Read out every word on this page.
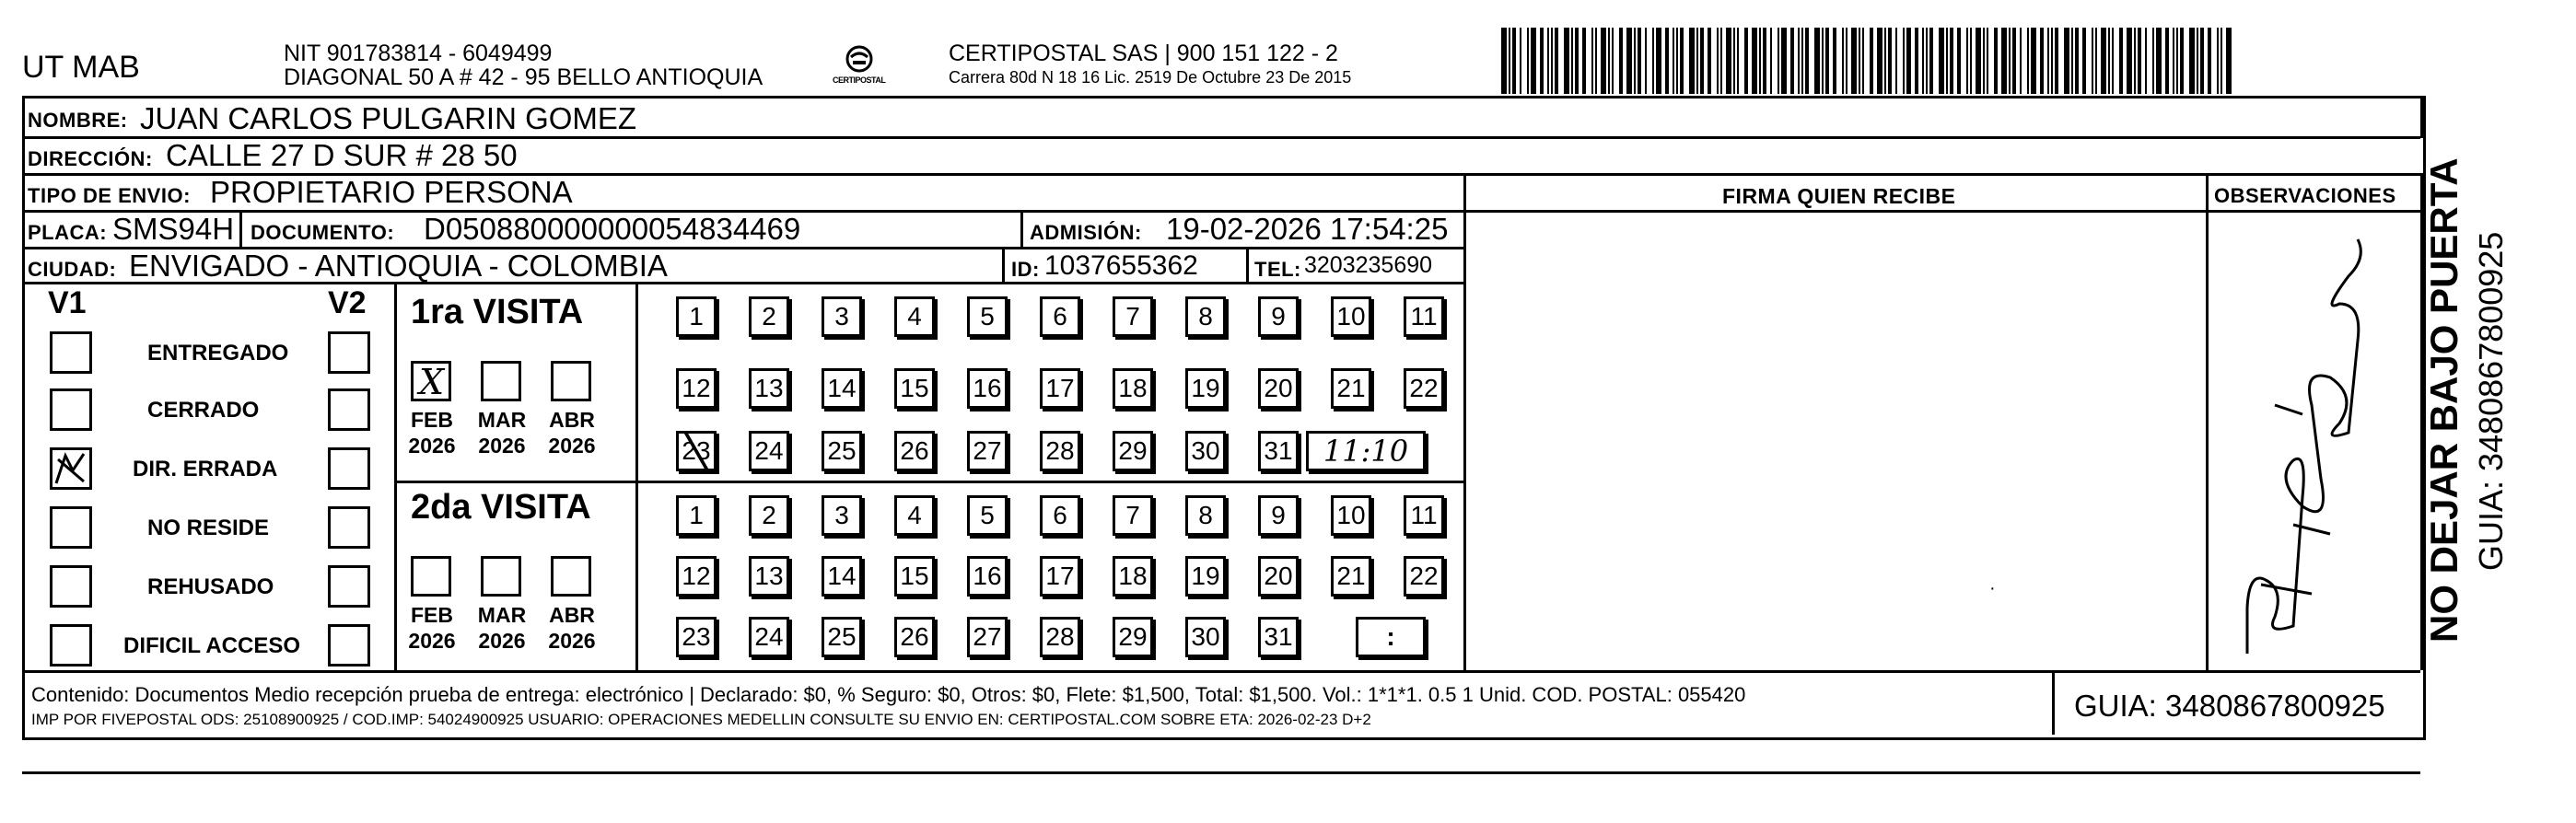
UT MAB	NIT 901783814 - 6049499
DIAGONAL 50 A # 42 - 95 BELLO ANTIOQUIA	CERTIPOSTAL
CERTIPOSTAL SAS | 900 151 122 - 2
Carrera 80d N 18 16 Lic. 2519 De Octubre 23 De 2015
NOMBRE: JUAN CARLOS PULGARIN GOMEZ
DIRECCIÓN: CALLE 27 D SUR # 28 50
TIPO DE ENVIO: PROPIETARIO PERSONA
PLACA: SMS94H DOCUMENTO: D050880000000054834469	ADMISIÓN: 19-02-2026 17:54:25
CIUDAD: ENVIGADO - ANTIOQUIA - COLOMBIA	ID: 1037655362	TEL: 3203235690
FIRMA QUIEN RECIBE	OBSERVACIONES
·
V1	V2
ENTREGADO
CERRADO
DIR. ERRADA
NO RESIDE
REHUSADO
DIFICIL ACCESO
1ra VISITA
2da VISITA
X
FEB
2026
MAR
2026
ABR
2026
FEB
2026
MAR
2026
ABR
2026
1	2	3	4	5	6	7	8	9	10 11
12 13 14 15 16 17 18 19 20 21 22
23 24 25 26 27 28 29 30 31
1	2	3	4	5	6	7	8	9	10 11
12 13 14 15 16 17 18 19 20 21 22
23 24 25 26 27 28 29 30 31
11:10
:
Contenido: Documentos Medio recepción prueba de entrega: electrónico | Declarado: $0, % Seguro: $0, Otros: $0, Flete: $1,500, Total: $1,500. Vol.: 1*1*1. 0.5 1 Unid. COD. POSTAL: 055420
IMP POR FIVEPOSTAL ODS: 25108900925 / COD.IMP: 54024900925 USUARIO: OPERACIONES MEDELLIN CONSULTE SU ENVIO EN: CERTIPOSTAL.COM SOBRE ETA: 2026-02-23 D+2	GUIA: 3480867800925
NO DEJAR BAJO PUERTA GUIA: 3480867800925
